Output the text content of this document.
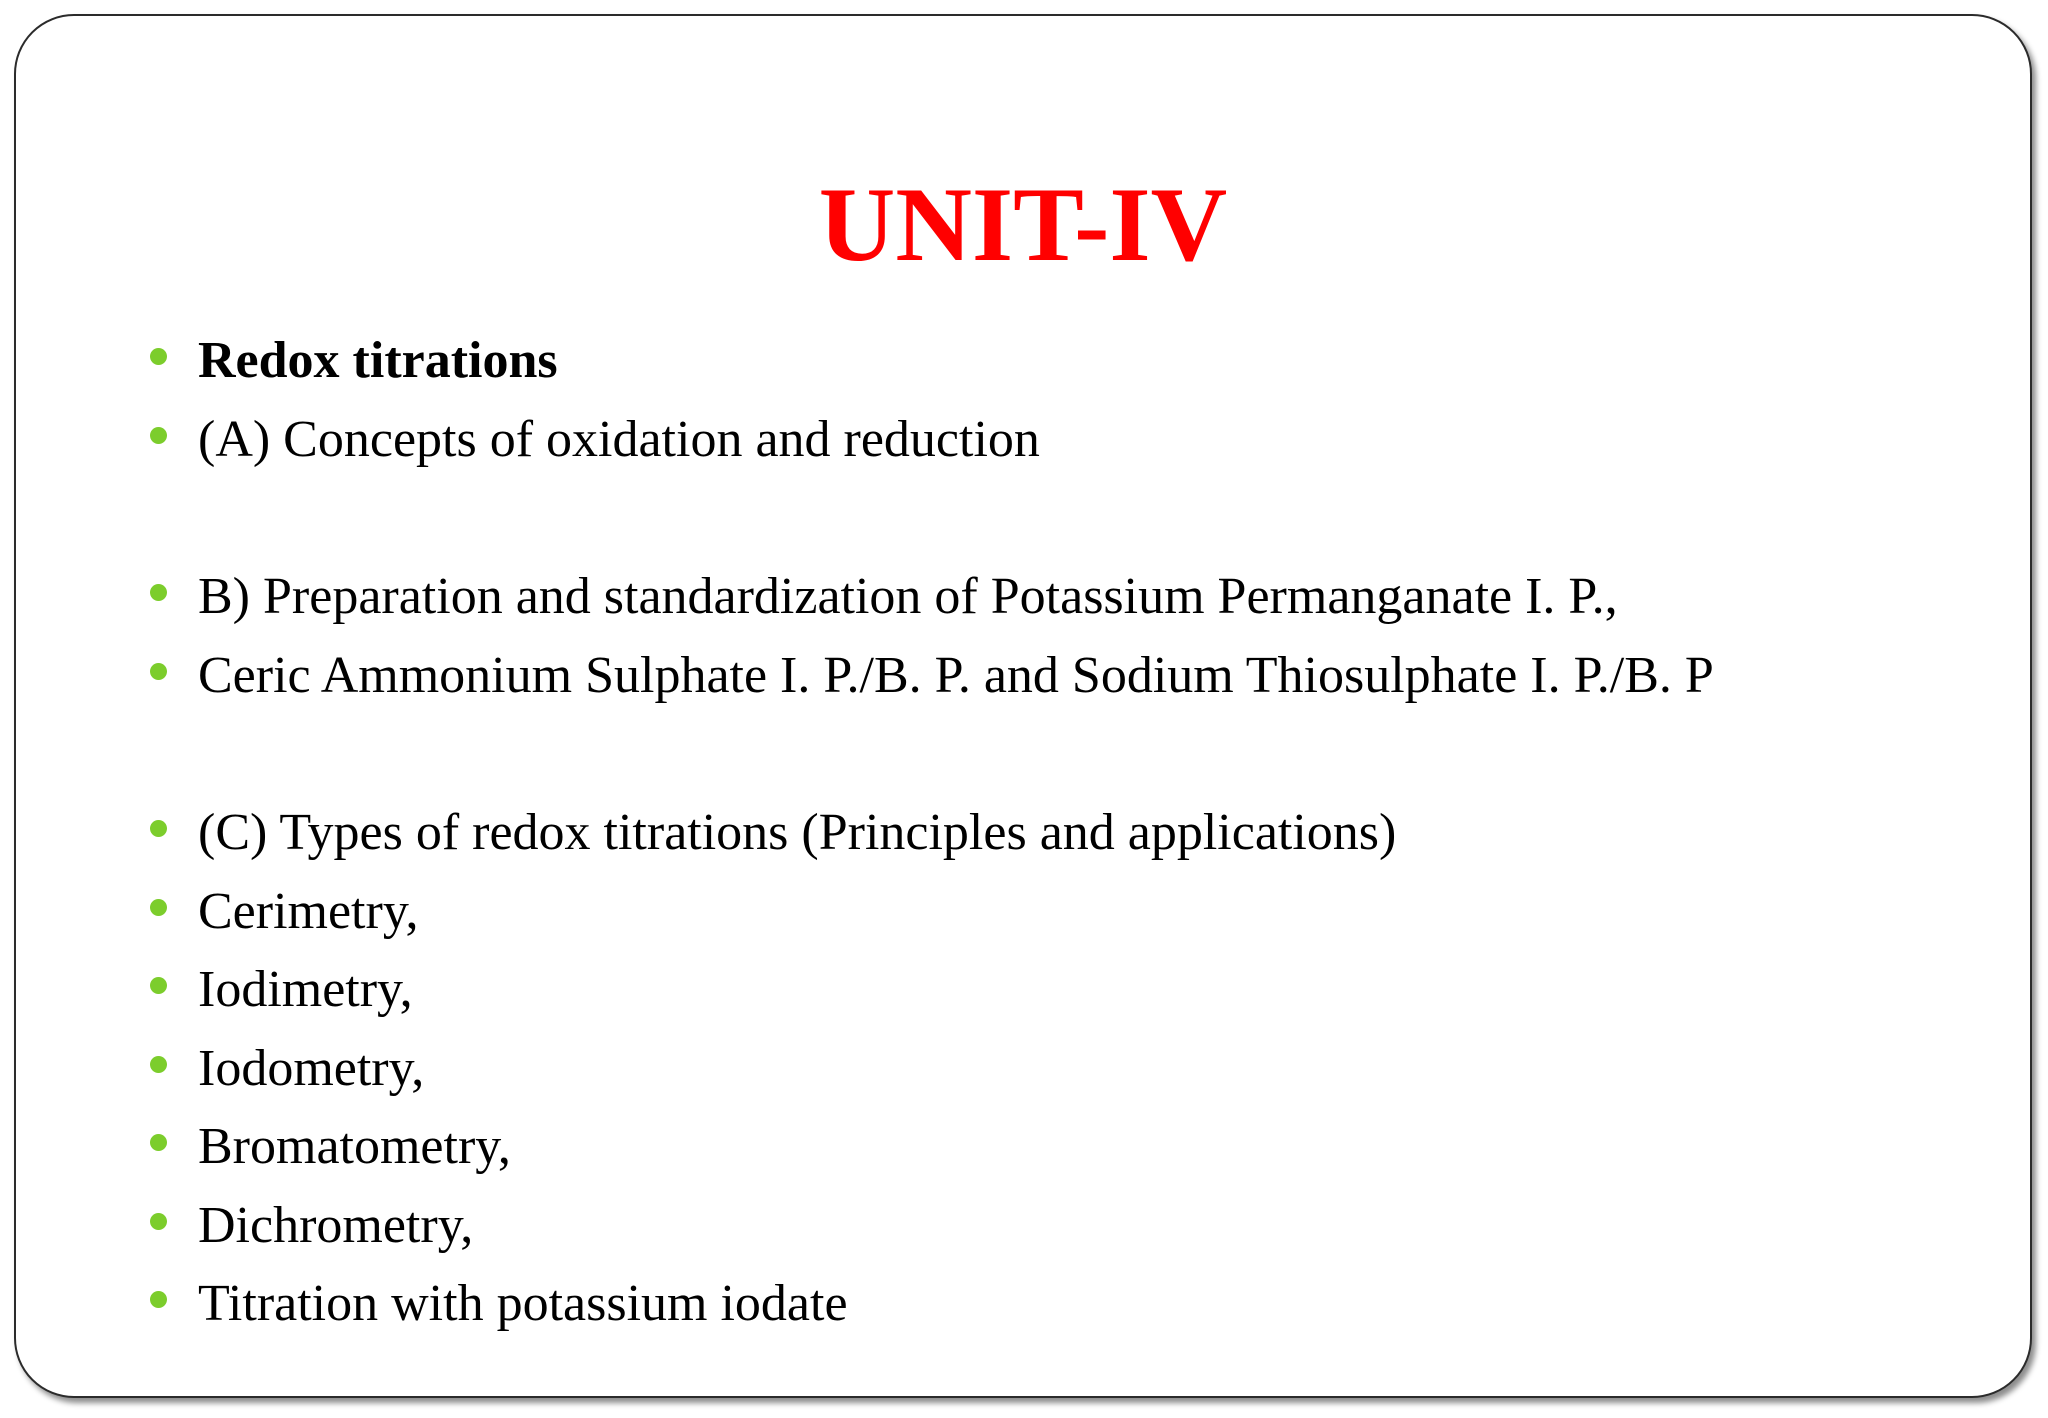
UNIT-IV
Redox titrations
(A) Concepts of oxidation and reduction
B) Preparation and standardization of Potassium Permanganate I. P.,
Ceric Ammonium Sulphate I. P./B. P. and Sodium Thiosulphate I. P./B. P
(C) Types of redox titrations (Principles and applications)
Cerimetry,
Iodimetry,
Iodometry,
Bromatometry,
Dichrometry,
Titration with potassium iodate
